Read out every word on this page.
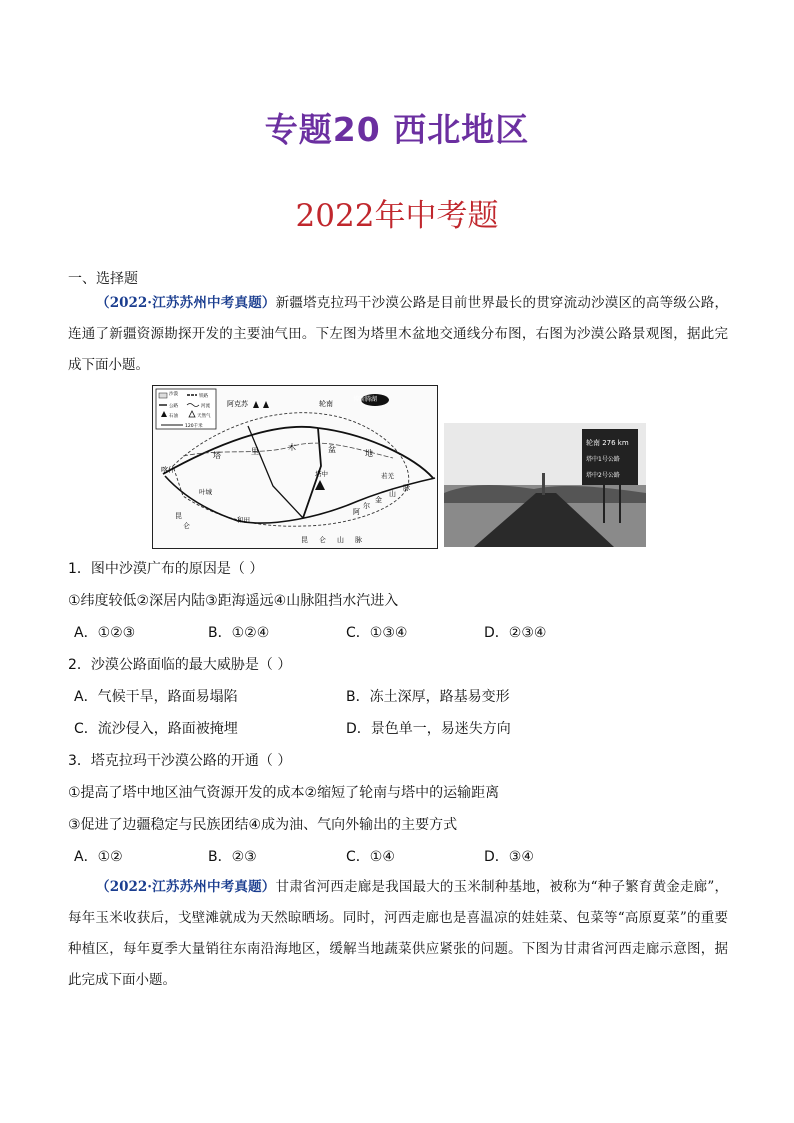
专题20 西北地区
2022年中考题
一、选择题
（2022·江苏苏州中考真题）新疆塔克拉玛干沙漠公路是目前世界最长的贯穿流动沙漠区的高等级公路，连通了新疆资源勘探开发的主要油气田。下左图为塔里木盆地交通线分布图，右图为沙漠公路景观图，据此完成下面小题。
沙漠	铁路
公路	河流
石油	天然气
120千米
阿克苏	轮南
博斯腾湖
喀什
塔	里	木	盆	地
塔中	若羌
叶城
和田
阿
尔
金
山
脉
昆 仑 山 脉
昆
仑
轮南 276 km
塔中1号公路
塔中2号公路
1．图中沙漠广布的原因是（ ）
①纬度较低②深居内陆③距海遥远④山脉阻挡水汽进入
A．①②③	B．①②④	C．①③④	D．②③④
2．沙漠公路面临的最大威胁是（ ）
A．气候干旱，路面易塌陷	B．冻土深厚，路基易变形
C．流沙侵入，路面被掩埋	D．景色单一，易迷失方向
3．塔克拉玛干沙漠公路的开通（ ）
①提高了塔中地区油气资源开发的成本②缩短了轮南与塔中的运输距离
③促进了边疆稳定与民族团结④成为油、气向外输出的主要方式
A．①②	B．②③	C．①④	D．③④
（2022·江苏苏州中考真题）甘肃省河西走廊是我国最大的玉米制种基地，被称为“种子繁育黄金走廊”，每年玉米收获后，戈壁滩就成为天然晾晒场。同时，河西走廊也是喜温凉的娃娃菜、包菜等“高原夏菜”的重要种植区，每年夏季大量销往东南沿海地区，缓解当地蔬菜供应紧张的问题。下图为甘肃省河西走廊示意图，据此完成下面小题。
